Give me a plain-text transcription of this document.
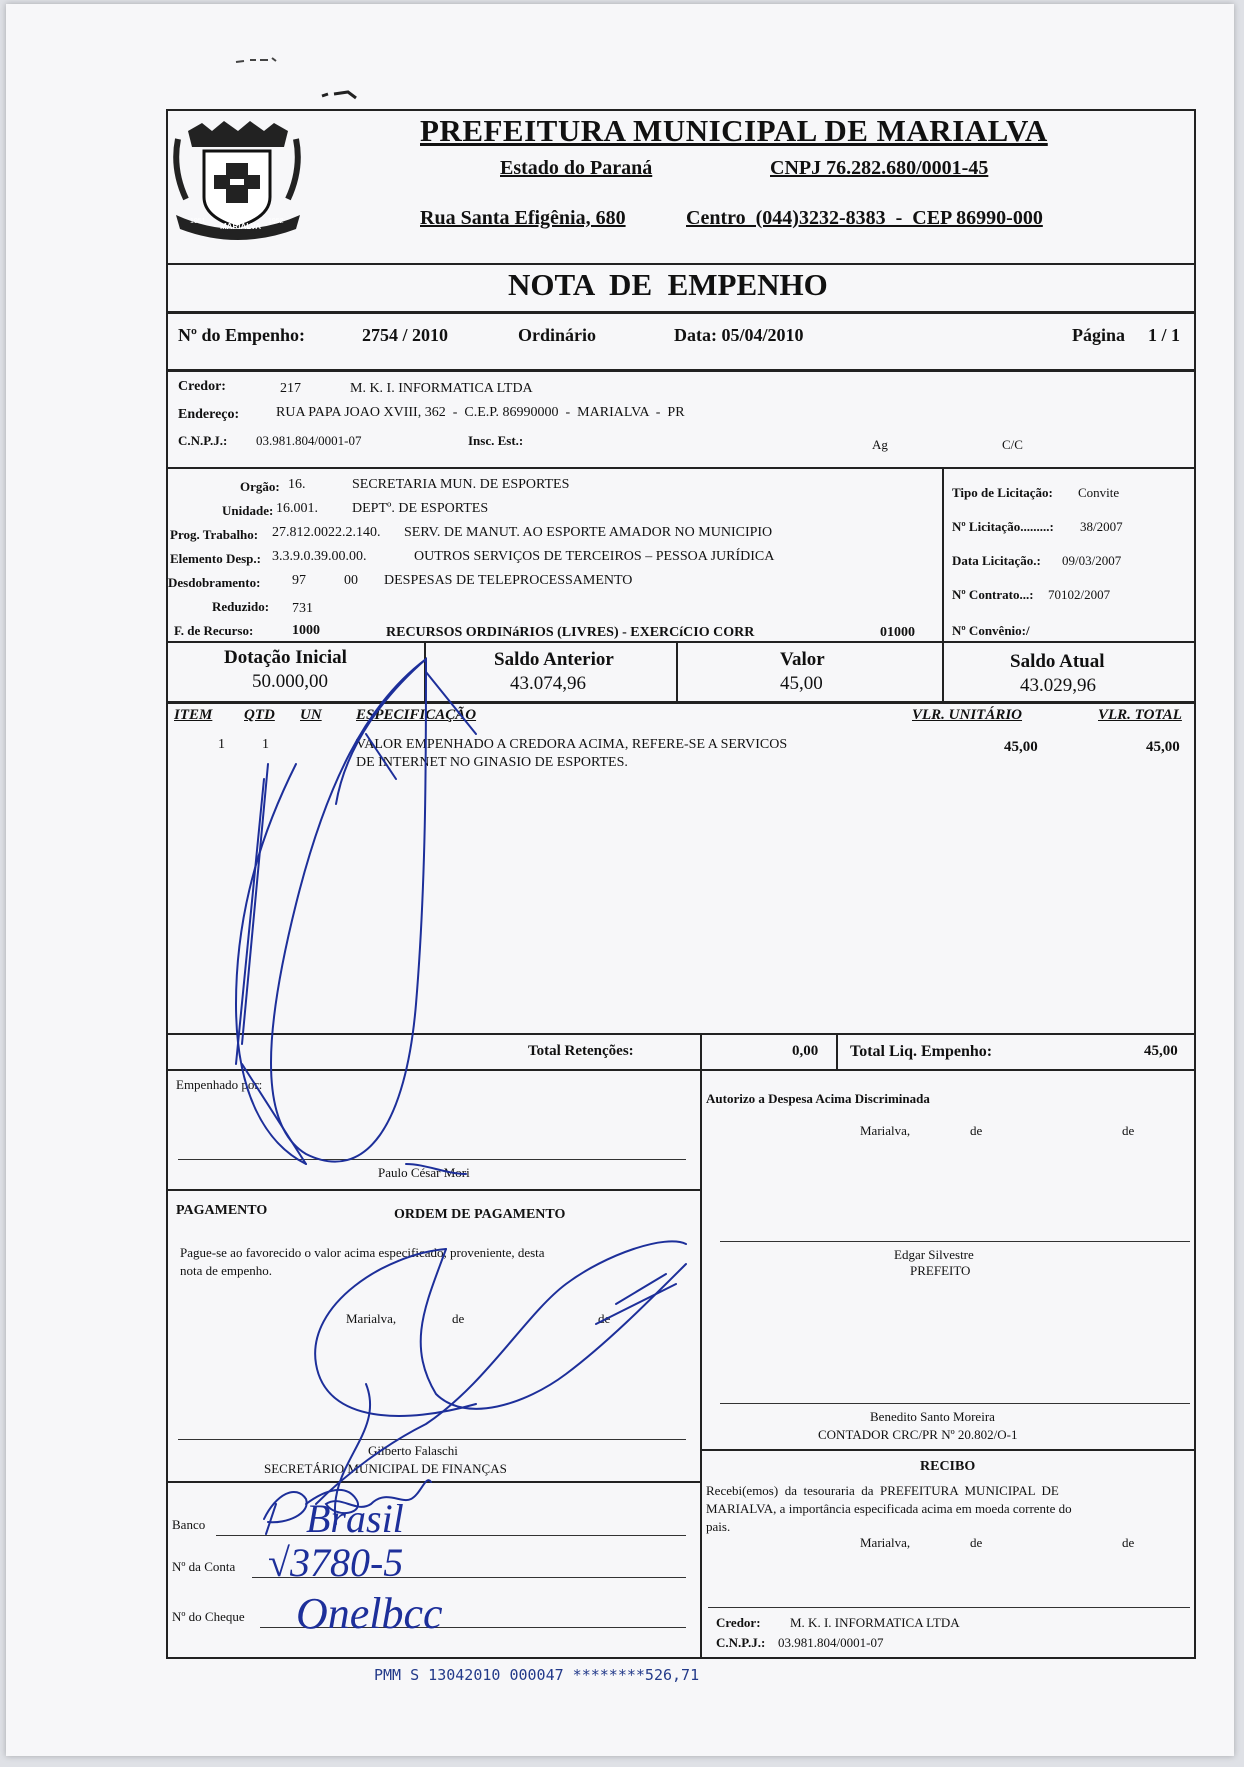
1951
MARIALVA
1952
PREFEITURA MUNICIPAL DE MARIALVA
Estado do Paraná	CNPJ 76.282.680/0001-45
Rua Santa Efigênia, 680	Centro  (044)3232-8383  -  CEP 86990-000
NOTA  DE  EMPENHO
Nº do Empenho:	2754 / 2010	Ordinário	Data: 05/04/2010	Página 1 / 1
Credor:	217	M. K. I. INFORMATICA LTDA
Endereço:	RUA PAPA JOAO XVIII, 362  -  C.E.P. 86990000  -  MARIALVA  -  PR
C.N.P.J.: 03.981.804/0001-07	Insc. Est.:	Ag	C/C
Orgão: 16.	SECRETARIA MUN. DE ESPORTES
Unidade: 16.001. DEPTº. DE ESPORTES
Prog. Trabalho: 27.812.0022.2.140. SERV. DE MANUT. AO ESPORTE AMADOR NO MUNICIPIO
Elemento Desp.: 3.3.9.0.39.00.00.	OUTROS SERVIÇOS DE TERCEIROS – PESSOA JURÍDICA
Desdobramento: 97	00 DESPESAS DE TELEPROCESSAMENTO
Reduzido: 731
F. de Recurso:	1000	RECURSOS ORDINáRIOS (LIVRES) - EXERCíCIO CORR	01000
Tipo de Licitação: Convite
Nº Licitação.........: 38/2007
Data Licitação.: 09/03/2007
Nº Contrato...: 70102/2007
Nº Convênio:/
Dotação Inicial
50.000,00
Saldo Anterior
43.074,96
Valor
45,00
Saldo Atual
43.029,96
ITEM QTD UN ESPECIFICAÇÃO	VLR. UNITÁRIO	VLR. TOTAL
1	1	VALOR EMPENHADO A CREDORA ACIMA, REFERE-SE A SERVICOS
DE INTERNET NO GINASIO DE ESPORTES.
45,00	45,00
Total Retenções:	0,00 Total Liq. Empenho:	45,00
Empenhado por:
Paulo César Mori
PAGAMENTO	ORDEM DE PAGAMENTO
Pague-se ao favorecido o valor acima especificado, proveniente, desta
nota de empenho.
Marialva,	de	de
Gilberto Falaschi
SECRETÁRIO MUNICIPAL DE FINANÇAS
Banco
Nº da Conta
Nº do Cheque
Autorizo a Despesa Acima Discriminada
Marialva,	de	de
Edgar Silvestre
PREFEITO
Benedito Santo Moreira
CONTADOR CRC/PR Nº 20.802/O-1
RECIBO
Recebi(emos)  da  tesouraria  da  PREFEITURA  MUNICIPAL  DE
MARIALVA, a importância especificada acima em moeda corrente do
pais.
Marialva,	de	de
Credor: M. K. I. INFORMATICA LTDA
C.N.P.J.: 03.981.804/0001-07
PMM S 13042010 000047 ********526,71
Brasil
√3780-5
Onelbcc
